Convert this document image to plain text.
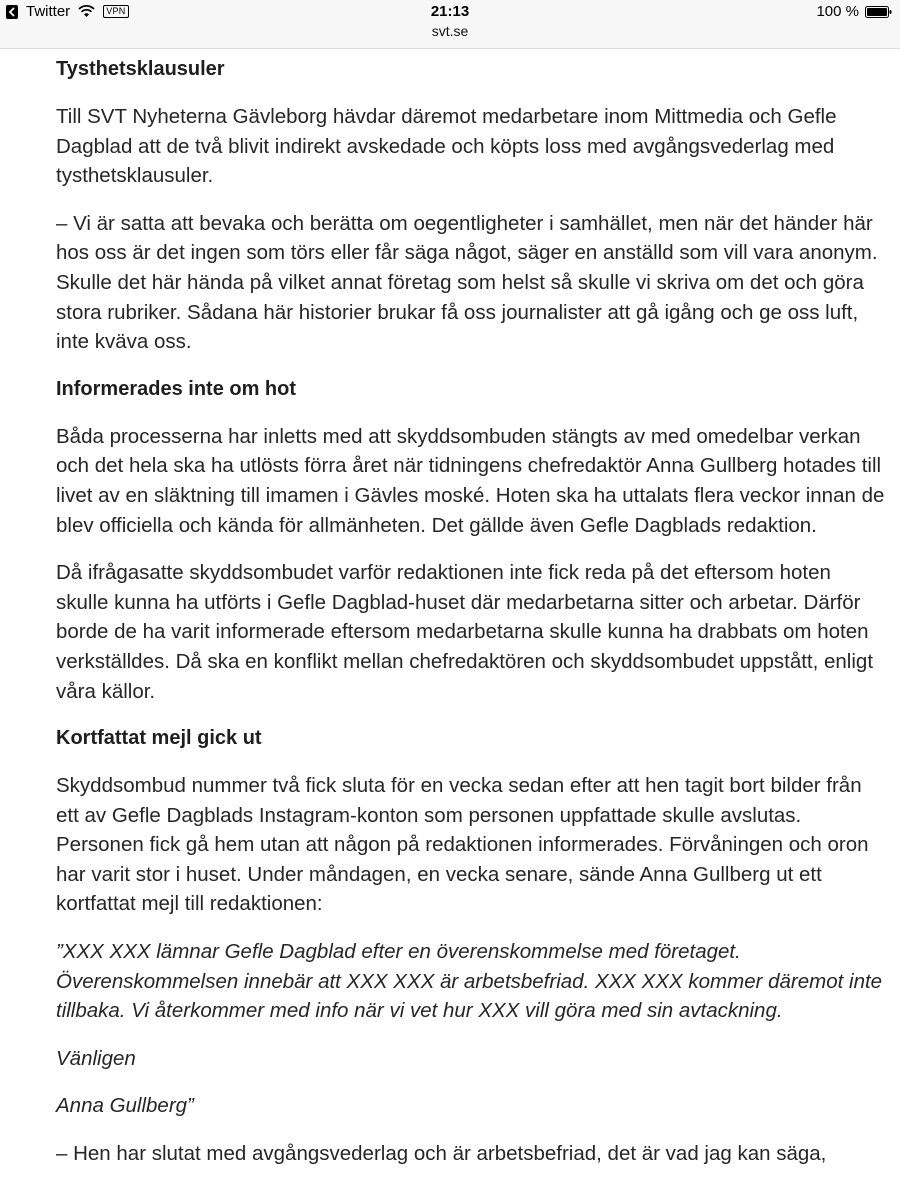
Twitter	VPN	21:13
svt.se
100 %
Tysthetsklausuler

Till SVT Nyheterna Gävleborg hävdar däremot medarbetare inom Mittmedia och Gefle Dagblad att de två blivit indirekt avskedade och köpts loss med avgångsvederlag med tysthetsklausuler.

– Vi är satta att bevaka och berätta om oegentligheter i samhället, men när det händer här hos oss är det ingen som törs eller får säga något, säger en anställd som vill vara anonym. Skulle det här hända på vilket annat företag som helst så skulle vi skriva om det och göra stora rubriker. Sådana här historier brukar få oss journalister att gå igång och ge oss luft, inte kväva oss.

Informerades inte om hot

Båda processerna har inletts med att skyddsombuden stängts av med omedelbar verkan och det hela ska ha utlösts förra året när tidningens chefredaktör Anna Gullberg hotades till livet av en släktning till imamen i Gävles moské. Hoten ska ha uttalats flera veckor innan de blev officiella och kända för allmänheten. Det gällde även Gefle Dagblads redaktion.

Då ifrågasatte skyddsombudet varför redaktionen inte fick reda på det eftersom hoten skulle kunna ha utförts i Gefle Dagblad-huset där medarbetarna sitter och arbetar. Därför borde de ha varit informerade eftersom medarbetarna skulle kunna ha drabbats om hoten verkställdes. Då ska en konflikt mellan chefredaktören och skyddsombudet uppstått, enligt våra källor.

Kortfattat mejl gick ut

Skyddsombud nummer två fick sluta för en vecka sedan efter att hen tagit bort bilder från ett av Gefle Dagblads Instagram-konton som personen uppfattade skulle avslutas. Personen fick gå hem utan att någon på redaktionen informerades. Förvåningen och oron har varit stor i huset. Under måndagen, en vecka senare, sände Anna Gullberg ut ett kortfattat mejl till redaktionen:

”XXX XXX lämnar Gefle Dagblad efter en överenskommelse med företaget. Överenskommelsen innebär att XXX XXX är arbetsbefriad. XXX XXX kommer däremot inte tillbaka. Vi återkommer med info när vi vet hur XXX vill göra med sin avtackning.

Vänligen

Anna Gullberg”

– Hen har slutat med avgångsvederlag och är arbetsbefriad, det är vad jag kan säga,
